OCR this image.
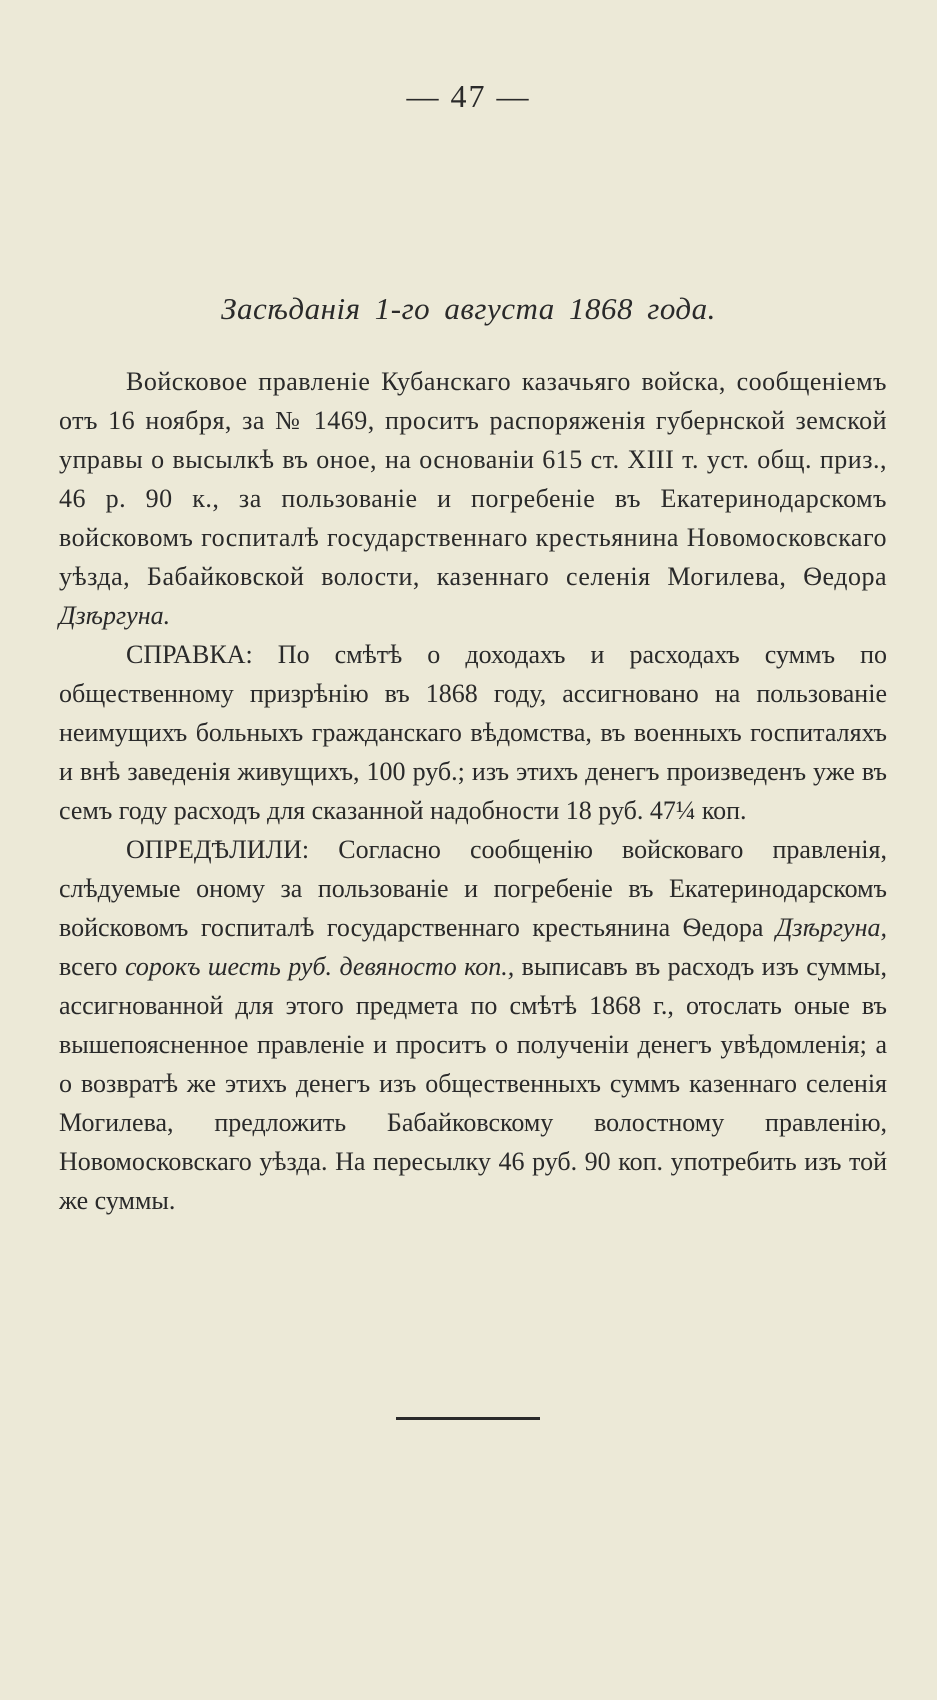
— 47 —
Засѣданія 1-го августа 1868 года.

Войсковое правленіе Кубанскаго казачьяго войска, сообщеніемъ отъ 16 ноября, за № 1469, проситъ распоряженія губернской земской управы о высылкѣ въ оное, на основаніи 615 ст. XIII т. уст. общ. приз., 46 р. 90 к., за пользованіе и погребеніе въ Екатеринодарскомъ войсковомъ госпиталѣ государственнаго крестьянина Новомосковскаго уѣзда, Бабайковской волости, казеннаго селенія Могилева, Ѳедора Дзѣргуна.

СПРАВКА: По смѣтѣ о доходахъ и расходахъ суммъ по общественному призрѣнію въ 1868 году, ассигновано на пользованіе неимущихъ больныхъ гражданскаго вѣдомства, въ военныхъ госпиталяхъ и внѣ заведенія живущихъ, 100 руб.; изъ этихъ денегъ произведенъ уже въ семъ году расходъ для сказанной надобности 18 руб. 47¼ коп.

ОПРЕДѢЛИЛИ: Согласно сообщенію войсковаго правленія, слѣдуемые оному за пользованіе и погребеніе въ Екатеринодарскомъ войсковомъ госпиталѣ государственнаго крестьянина Ѳедора Дзѣргуна, всего сорокъ шесть руб. девяносто коп., выписавъ въ расходъ изъ суммы, ассигнованной для этого предмета по смѣтѣ 1868 г., отослать оные въ вышепоясненное правленіе и проситъ о полученіи денегъ увѣдомленія; а о возвратѣ же этихъ денегъ изъ общественныхъ суммъ казеннаго селенія Могилева, предложить Бабайковскому волостному правленію, Новомосковскаго уѣзда. На пересылку 46 руб. 90 коп. употребить изъ той же суммы.
